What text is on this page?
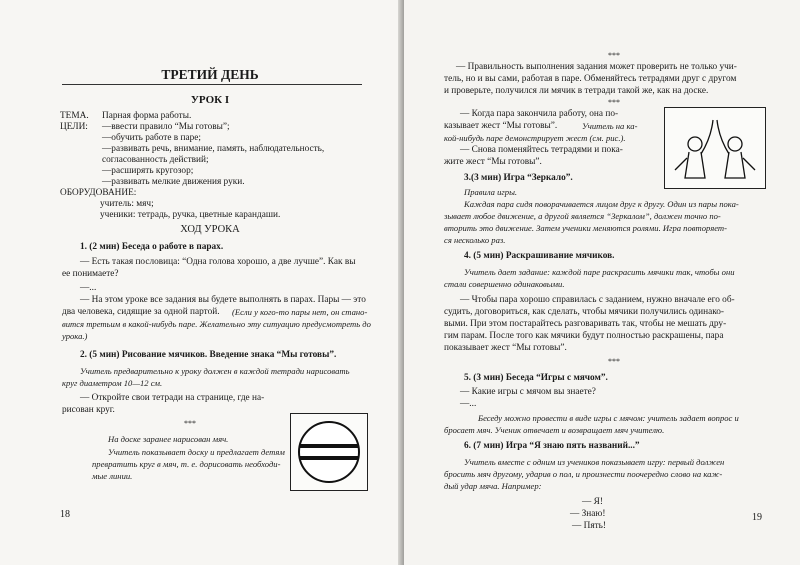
ТРЕТИЙ ДЕНЬ
УРОК I
ТЕМА. Парная форма работы.
ЦЕЛИ: —ввести правило “Мы готовы”;
—обучить работе в паре;
—развивать речь, внимание, память, наблюдательность,
согласованность действий;
—расширять кругозор;
—развивать мелкие движения руки.
ОБОРУДОВАНИЕ:
учитель: мяч;
ученики: тетрадь, ручка, цветные карандаши.
ХОД УРОКА
1. (2 мин) Беседа о работе в парах.
— Есть такая пословица: “Одна голова хорошо, а две лучше”. Как вы
ее понимаете?
—...
— На этом уроке все задания вы будете выполнять в парах. Пары — это
два человека, сидящие за одной партой. (Если у кого-то пары нет, он стано-
вится третьим в какой-нибудь паре. Желательно эту ситуацию предусмотреть до
урока.)
2. (5 мин) Рисование мячиков. Введение знака “Мы готовы”.
Учитель предварительно к уроку должен в каждой тетради нарисовать
круг диаметром 10—12 см.
— Откройте свои тетради на странице, где на-
рисован круг.
***
На доске заранее нарисован мяч.
Учитель показывает доску и предлагает детям
превратить круг в мяч, т. е. дорисовать необходи-
мые линии.
18
***
— Правильность выполнения задания может проверить не только учи-
тель, но и вы сами, работая в паре. Обменяйтесь тетрадями друг с другом
и проверьте, получился ли мячик в тетради такой же, как на доске.
***
— Когда пара закончила работу, она по-
казывает жест “Мы готовы”.	Учитель на ка-
кой-нибудь паре демонстрирует жест (см. рис.).
— Снова поменяйтесь тетрадями и пока-
жите жест “Мы готовы”.
3.(3 мин) Игра “Зеркало”.
Правила игры.
Каждая пара сидя поворачивается лицом друг к другу. Один из пары пока-
зывает любое движение, а другой является “Зеркалом”, должен точно по-
вторить это движение. Затем ученики меняются ролями. Игра повторяет-
ся несколько раз.
4. (5 мин) Раскрашивание мячиков.
Учитель дает задание: каждой паре раскрасить мячики так, чтобы они
стали совершенно одинаковыми.
— Чтобы пара хорошо справилась с заданием, нужно вначале его об-
судить, договориться, как сделать, чтобы мячики получились одинако-
выми. При этом постарайтесь разговаривать так, чтобы не мешать дру-
гим парам. После того как мячики будут полностью раскрашены, пара
показывает жест “Мы готовы”.
***
5. (3 мин) Беседа “Игры с мячом”.
— Какие игры с мячом вы знаете?
—...
Беседу можно провести в виде игры с мячом: учитель задает вопрос и
бросает мяч. Ученик отвечает и возвращает мяч учителю.
6. (7 мин) Игра “Я знаю пять названий...”
Учитель вместе с одним из учеников показывает игру: первый должен
бросить мяч другому, ударив о пол, и произнести поочередно слово на каж-
дый удар мяча. Например:
— Я!
— Знаю!
— Пять!
19
